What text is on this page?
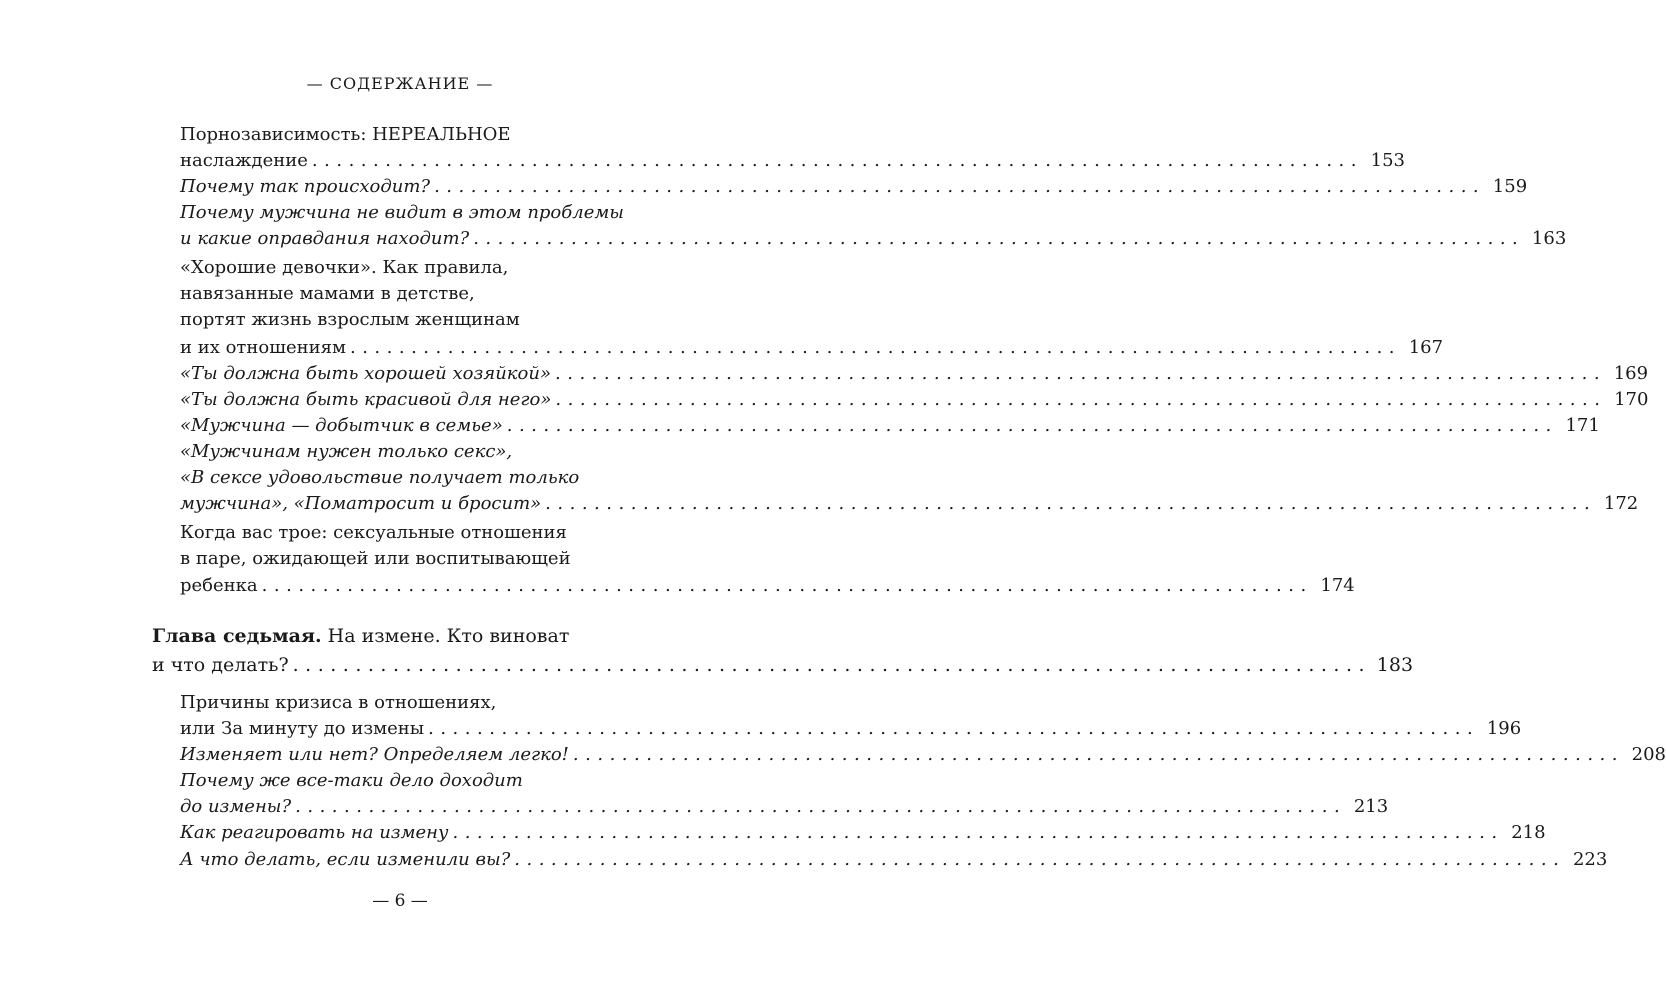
— СОДЕРЖАНИЕ —
Порнозависимость: НЕРЕАЛЬНОЕ
наслаждение ...................................................................................... 153
Почему так происходит? ...................................................................................... 159
Почему мужчина не видит в этом проблемы
и какие оправдания находит? ...................................................................................... 163
«Хорошие девочки». Как правила,
навязанные мамами в детстве,
портят жизнь взрослым женщинам
и их отношениям ...................................................................................... 167
«Ты должна быть хорошей хозяйкой» ...................................................................................... 169
«Ты должна быть красивой для него» ...................................................................................... 170
«Мужчина — добытчик в семье» ...................................................................................... 171
«Мужчинам нужен только секс»,
«В сексе удовольствие получает только
мужчина», «Поматросит и бросит» ...................................................................................... 172
Когда вас трое: сексуальные отношения
в паре, ожидающей или воспитывающей
ребенка ...................................................................................... 174
Глава седьмая. На измене. Кто виноват
и что делать? ...................................................................................... 183
Причины кризиса в отношениях,
или За минуту до измены ...................................................................................... 196
Изменяет или нет? Определяем легко! ...................................................................................... 208
Почему же все-таки дело доходит
до измены? ...................................................................................... 213
Как реагировать на измену ...................................................................................... 218
А что делать, если изменили вы? ...................................................................................... 223
— 6 —
